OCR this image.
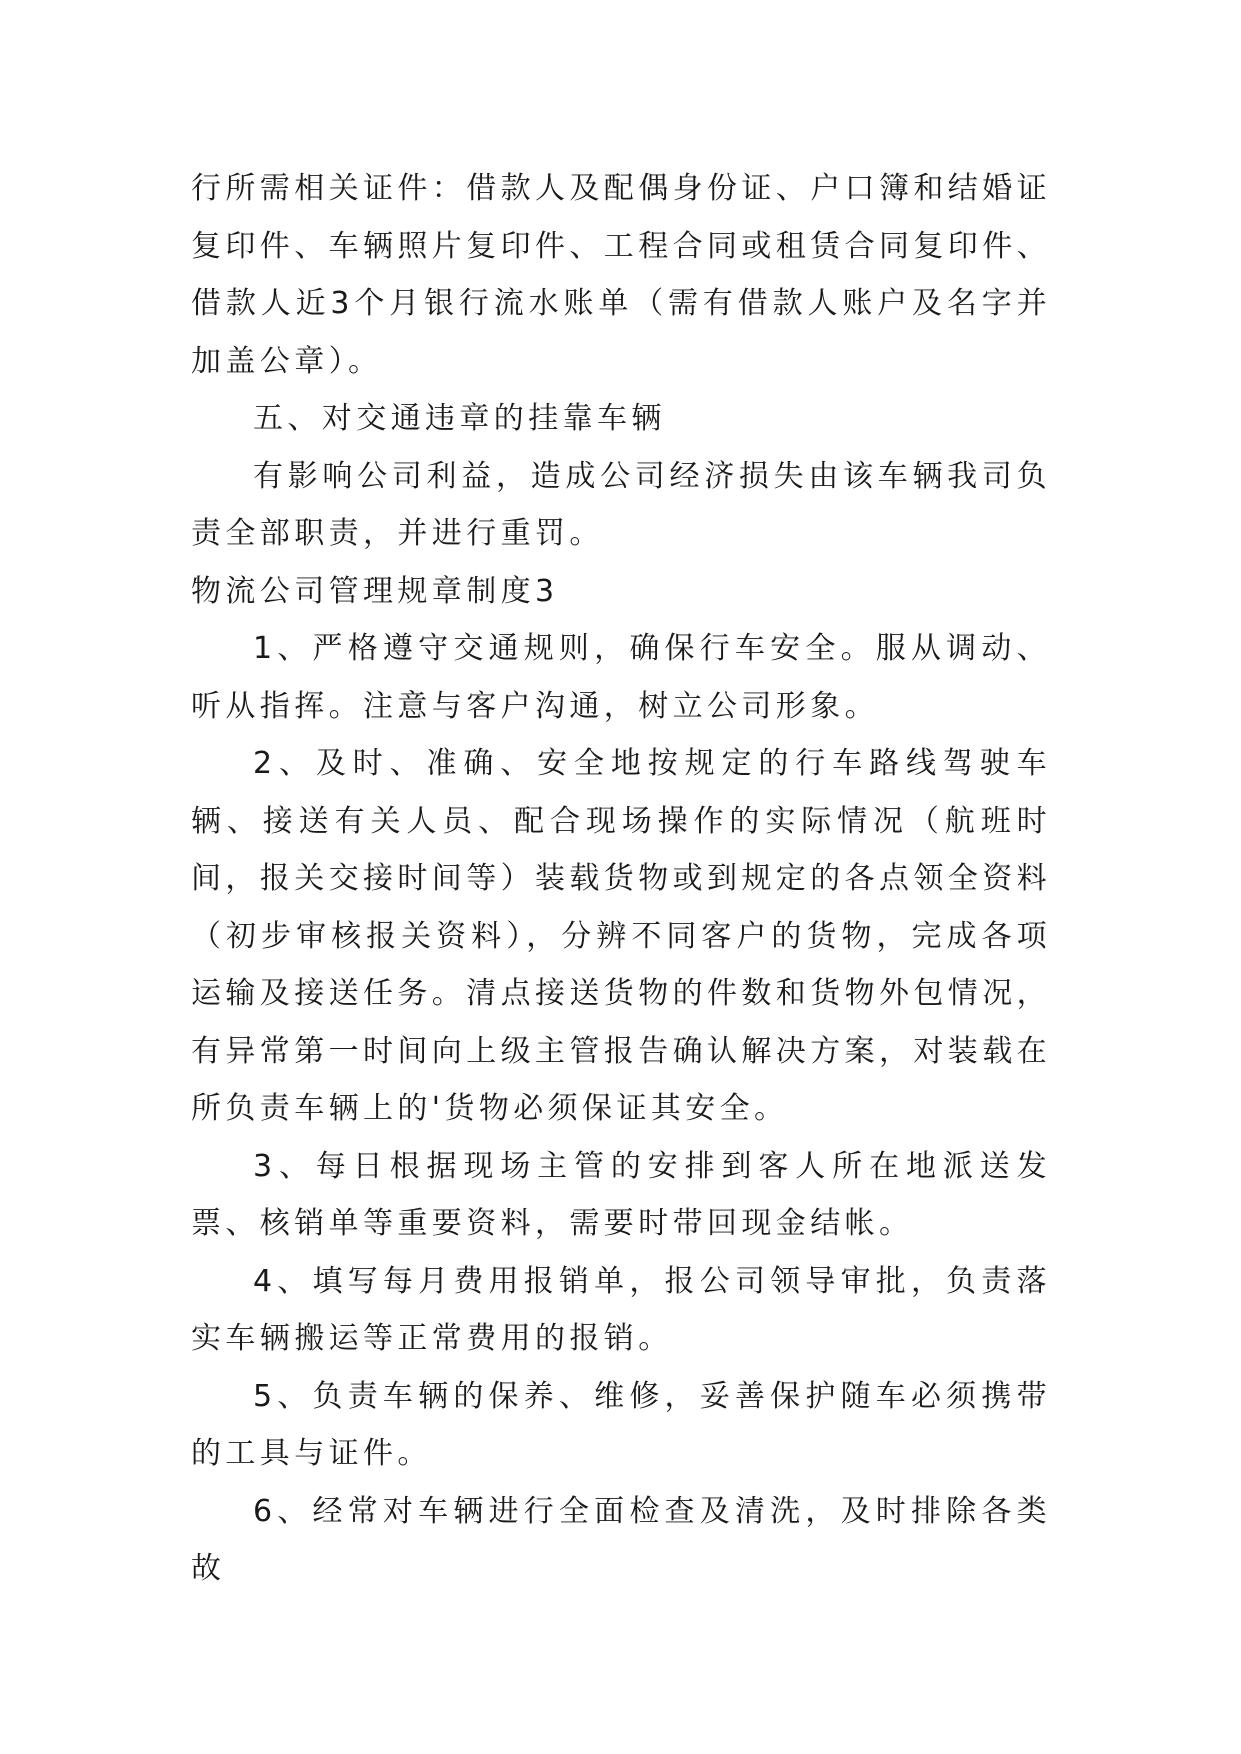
行所需相关证件：借款人及配偶身份证、户口簿和结婚证复印件、车辆照片复印件、工程合同或租赁合同复印件、借款人近3个月银行流水账单（需有借款人账户及名字并加盖公章）。

五、对交通违章的挂靠车辆

有影响公司利益，造成公司经济损失由该车辆我司负责全部职责，并进行重罚。

物流公司管理规章制度3

1、严格遵守交通规则，确保行车安全。服从调动、听从指挥。注意与客户沟通，树立公司形象。

2、及时、准确、安全地按规定的行车路线驾驶车辆、接送有关人员、配合现场操作的实际情况（航班时间，报关交接时间等）装载货物或到规定的各点领全资料（初步审核报关资料），分辨不同客户的货物，完成各项运输及接送任务。清点接送货物的件数和货物外包情况，有异常第一时间向上级主管报告确认解决方案，对装载在所负责车辆上的'货物必须保证其安全。

3、每日根据现场主管的安排到客人所在地派送发票、核销单等重要资料，需要时带回现金结帐。

4、填写每月费用报销单，报公司领导审批，负责落实车辆搬运等正常费用的报销。

5、负责车辆的保养、维修，妥善保护随车必须携带的工具与证件。

6、经常对车辆进行全面检查及清洗，及时排除各类故
